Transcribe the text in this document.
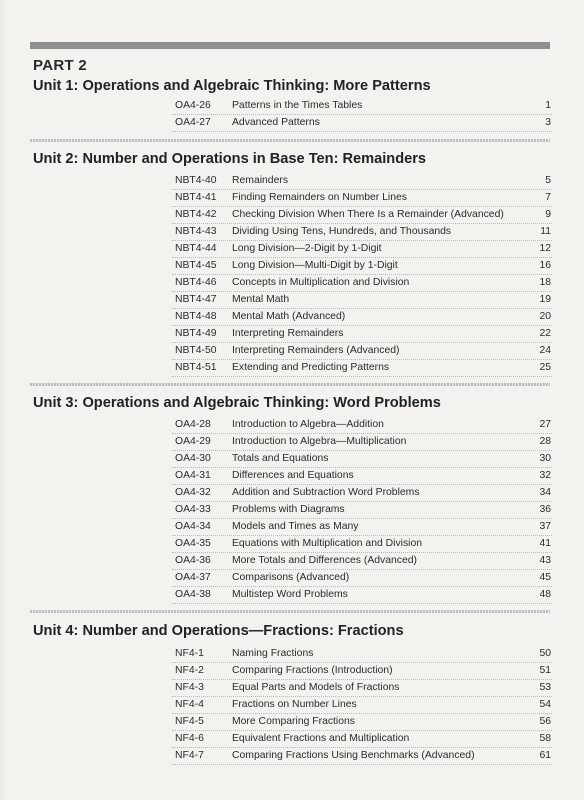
PART 2
Unit 1: Operations and Algebraic Thinking: More Patterns
OA4-26 Patterns in the Times Tables	1
OA4-27 Advanced Patterns	3
Unit 2: Number and Operations in Base Ten: Remainders
NBT4-40 Remainders	5
NBT4-41 Finding Remainders on Number Lines	7
NBT4-42 Checking Division When There Is a Remainder (Advanced)	9
NBT4-43 Dividing Using Tens, Hundreds, and Thousands	11
NBT4-44 Long Division—2-Digit by 1-Digit	12
NBT4-45 Long Division—Multi-Digit by 1-Digit	16
NBT4-46 Concepts in Multiplication and Division	18
NBT4-47 Mental Math	19
NBT4-48 Mental Math (Advanced)	20
NBT4-49 Interpreting Remainders	22
NBT4-50 Interpreting Remainders (Advanced)	24
NBT4-51 Extending and Predicting Patterns	25
Unit 3: Operations and Algebraic Thinking: Word Problems
OA4-28 Introduction to Algebra—Addition	27
OA4-29 Introduction to Algebra—Multiplication	28
OA4-30 Totals and Equations	30
OA4-31 Differences and Equations	32
OA4-32 Addition and Subtraction Word Problems	34
OA4-33 Problems with Diagrams	36
OA4-34 Models and Times as Many	37
OA4-35 Equations with Multiplication and Division	41
OA4-36 More Totals and Differences (Advanced)	43
OA4-37 Comparisons (Advanced)	45
OA4-38 Multistep Word Problems	48
Unit 4: Number and Operations—Fractions: Fractions
NF4-1	Naming Fractions	50
NF4-2	Comparing Fractions (Introduction)	51
NF4-3	Equal Parts and Models of Fractions	53
NF4-4	Fractions on Number Lines	54
NF4-5	More Comparing Fractions	56
NF4-6	Equivalent Fractions and Multiplication	58
NF4-7	Comparing Fractions Using Benchmarks (Advanced)	61
